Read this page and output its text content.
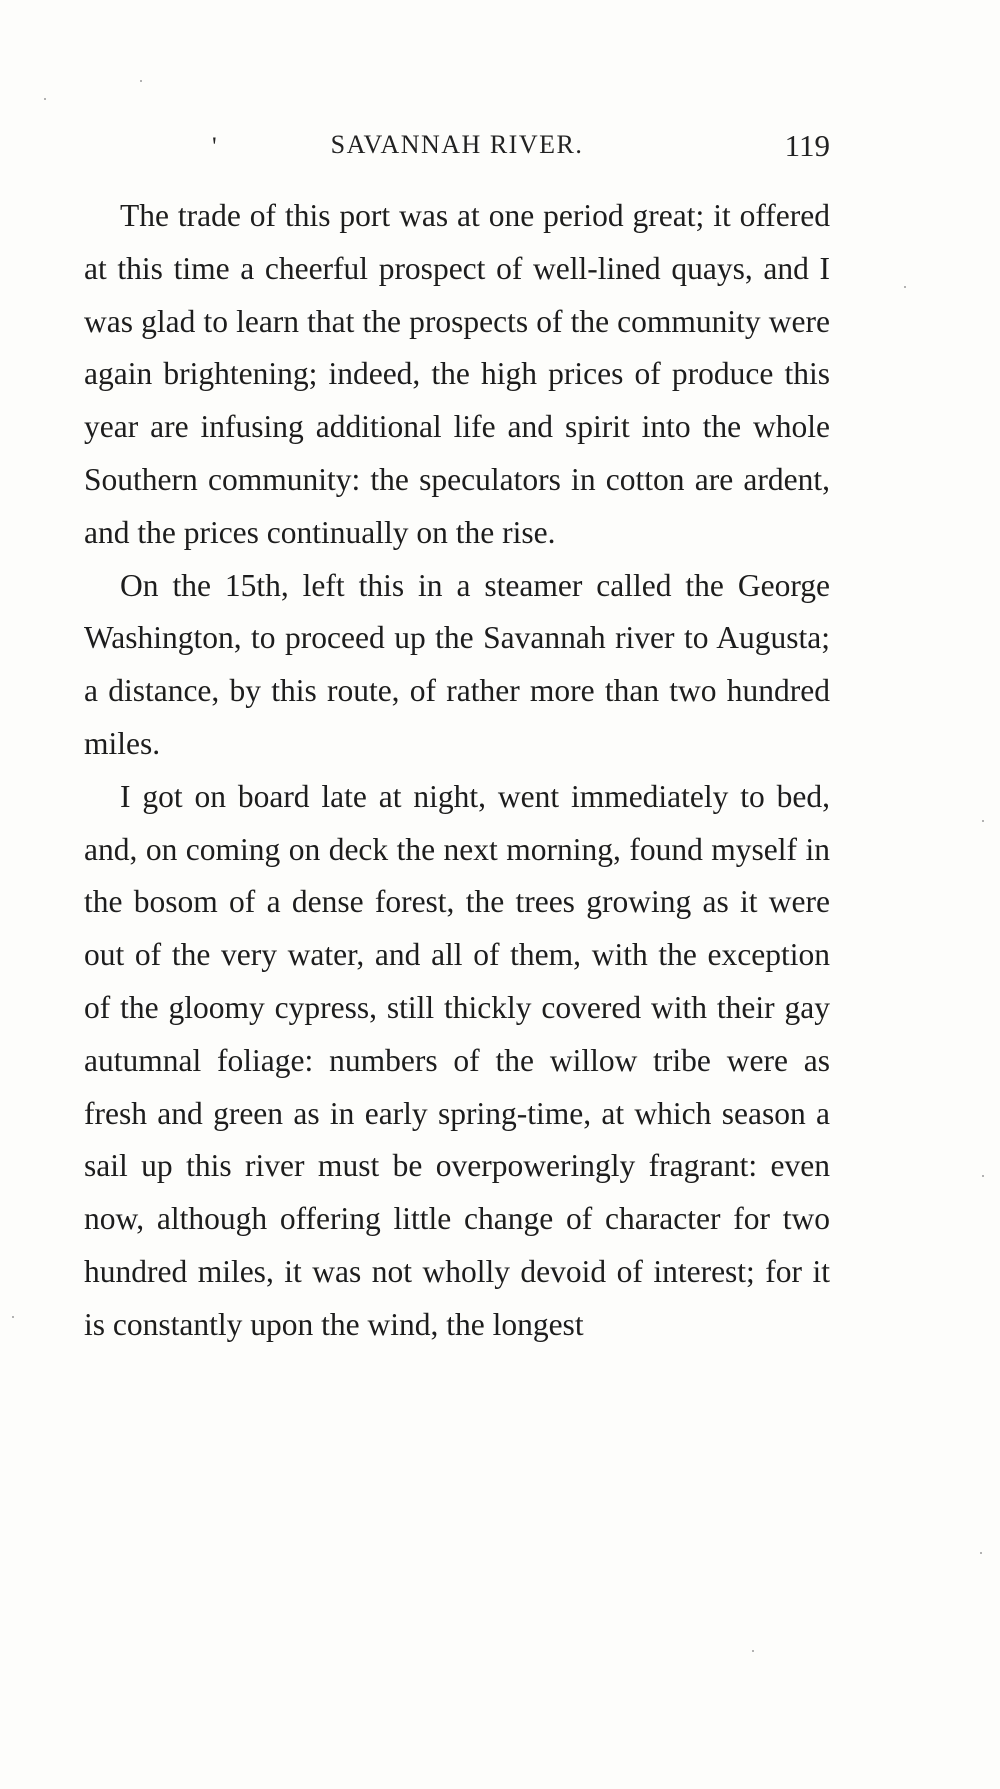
'	SAVANNAH RIVER.	119

The trade of this port was at one period great; it offered at this time a cheerful prospect of well-lined quays, and I was glad to learn that the prospects of the community were again brightening; indeed, the high prices of produce this year are infusing additional life and spirit into the whole Southern community: the speculators in cotton are ardent, and the prices continually on the rise.

On the 15th, left this in a steamer called the George Washington, to proceed up the Savannah river to Augusta; a distance, by this route, of rather more than two hundred miles.

I got on board late at night, went immediately to bed, and, on coming on deck the next morning, found myself in the bosom of a dense forest, the trees growing as it were out of the very water, and all of them, with the exception of the gloomy cypress, still thickly covered with their gay autumnal foliage: numbers of the willow tribe were as fresh and green as in early spring-time, at which season a sail up this river must be overpoweringly fragrant: even now, although offering little change of character for two hundred miles, it was not wholly devoid of interest; for it is constantly upon the wind, the longest
